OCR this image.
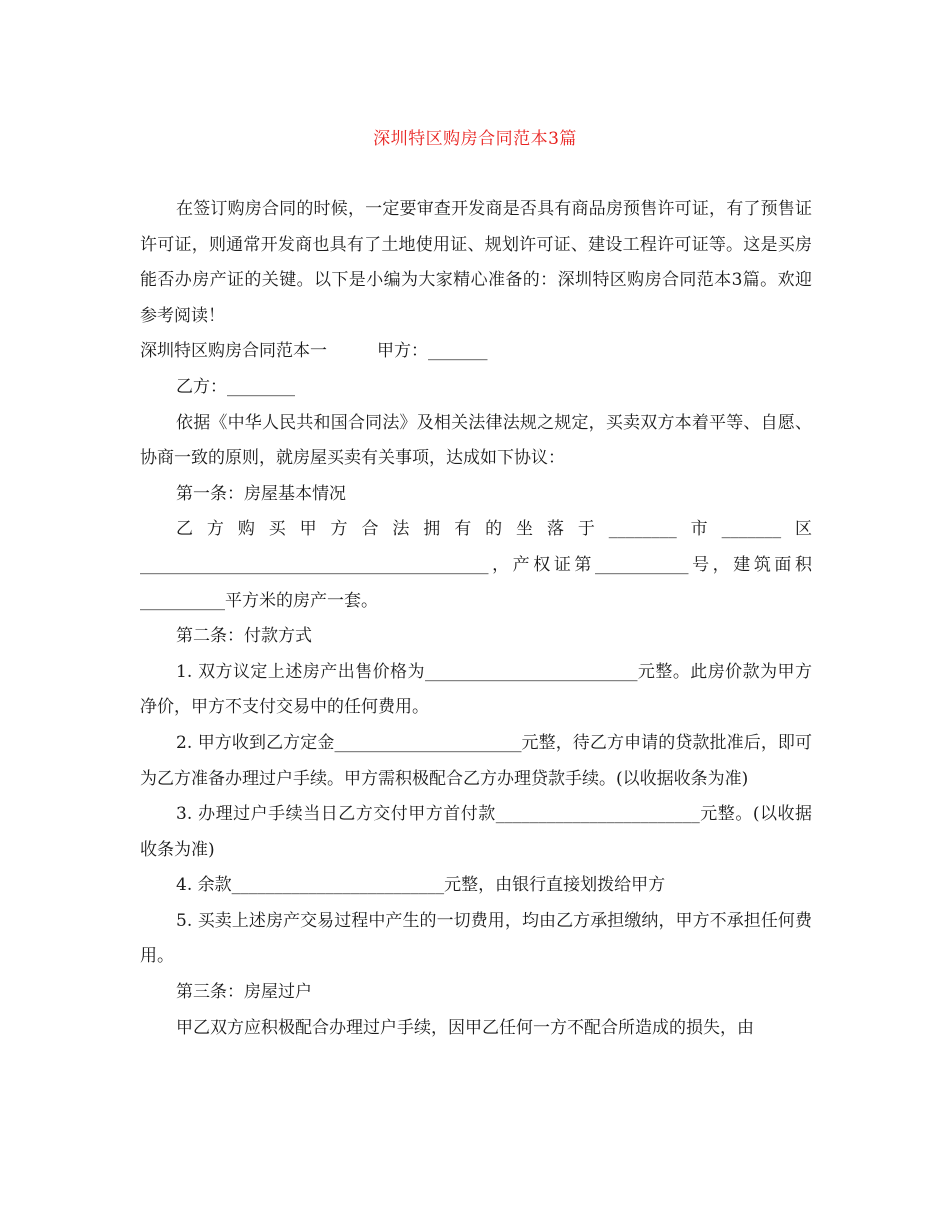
深圳特区购房合同范本3篇

在签订购房合同的时候，一定要审查开发商是否具有商品房预售许可证，有了预售证许可证，则通常开发商也具有了土地使用证、规划许可证、建设工程许可证等。这是买房能否办房产证的关键。以下是小编为大家精心准备的：深圳特区购房合同范本3篇。欢迎参考阅读！

深圳特区购房合同范本一	甲方：_______

乙方：________

依据《中华人民共和国合同法》及相关法律法规之规定，买卖双方本着平等、自愿、协商一致的原则，就房屋买卖有关事项，达成如下协议：

第一条：房屋基本情况

乙方购买甲方合法拥有的坐落于________市_______区_________________________________________，产权证第___________号，建筑面积__________平方米的房产一套。

第二条：付款方式

1. 双方议定上述房产出售价格为_________________________元整。此房价款为甲方净价，甲方不支付交易中的任何费用。

2. 甲方收到乙方定金______________________元整，待乙方申请的贷款批准后，即可为乙方准备办理过户手续。甲方需积极配合乙方办理贷款手续。(以收据收条为准)

3. 办理过户手续当日乙方交付甲方首付款________________________元整。(以收据收条为准)

4. 余款_________________________元整，由银行直接划拨给甲方

5. 买卖上述房产交易过程中产生的一切费用，均由乙方承担缴纳，甲方不承担任何费用。

第三条：房屋过户

甲乙双方应积极配合办理过户手续，因甲乙任何一方不配合所造成的损失，由
